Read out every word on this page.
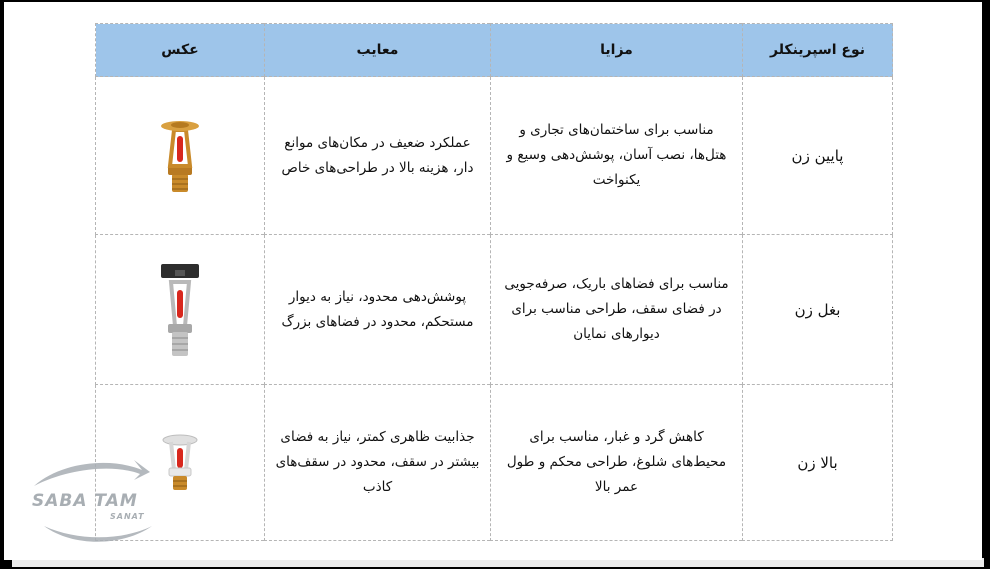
نوع اسپرینکلر	مزایا	معایب	عکس
پایین زن	مناسب برای ساختمان‌های تجاری و هتل‌ها، نصب آسان، پوشش‌دهی وسیع و یکنواخت	عملکرد ضعیف در مکان‌های موانع دار، هزینه بالا در طراحی‌های خاص	

بغل زن	مناسب برای فضاهای باریک، صرفه‌جویی در فضای سقف، طراحی مناسب برای دیوارهای نمایان	پوشش‌دهی محدود، نیاز به دیوار مستحکم، محدود در فضاهای بزرگ	

بالا زن	کاهش گرد و غبار، مناسب برای محیط‌های شلوغ، طراحی محکم و طول عمر بالا	جذابیت ظاهری کمتر، نیاز به فضای بیشتر در سقف، محدود در سقف‌های کاذب	
SABA TAM
SANAT
